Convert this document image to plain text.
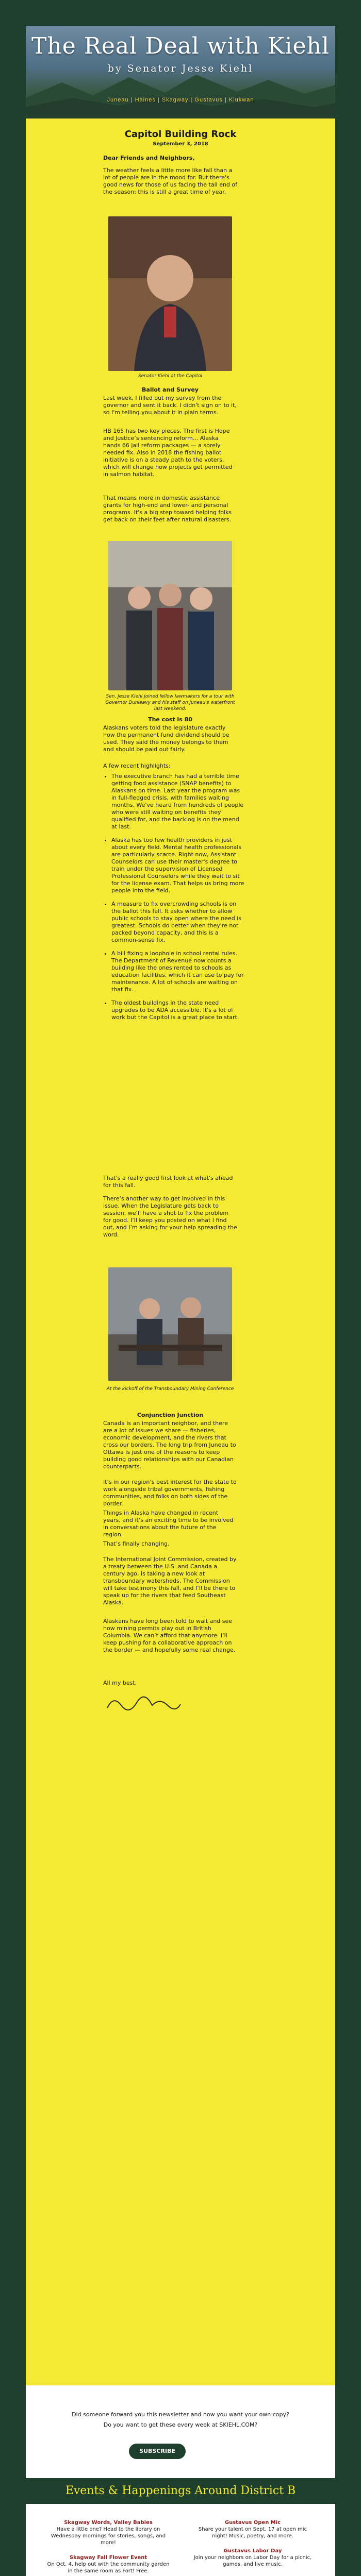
The Real Deal with Kiehl
by Senator Jesse Kiehl
Juneau | Haines | Skagway | Gustavus | Klukwan
Capitol Building Rock
September 3, 2018

Dear Friends and Neighbors,

The weather feels a little more like fall than a lot of people are in the mood for. But there's good news for those of us facing the tail end of the season: this is still a great time of year.

Senator Kiehl at the Capitol

Ballot and Survey

Last week, I filled out my survey from the governor and sent it back. I didn't sign on to it, so I'm telling you about it in plain terms.

HB 165 has two key pieces. The first is Hope and Justice’s sentencing reform... Alaska hands 66 jail reform packages — a sorely needed fix. Also in 2018 the fishing ballot initiative is on a steady path to the voters, which will change how projects get permitted in salmon habitat.

That means more in domestic assistance grants for high-end and lower- and personal programs. It's a big step toward helping folks get back on their feet after natural disasters.

Sen. Jesse Kiehl joined fellow lawmakers for a tour with Governor Dunleavy and his staff on Juneau's waterfront last weekend.

The cost is 80

Alaskans voters told the legislature exactly how the permanent fund dividend should be used. They said the money belongs to them and should be paid out fairly.

A few recent highlights:

• The executive branch has had a terrible time getting food assistance (SNAP benefits) to Alaskans on time. Last year the program was in full-fledged crisis, with families waiting months. We've heard from hundreds of people who were still waiting on benefits they qualified for, and the backlog is on the mend at last.
• Alaska has too few health providers in just about every field. Mental health professionals are particularly scarce. Right now, Assistant Counselors can use their master's degree to train under the supervision of Licensed Professional Counselors while they wait to sit for the license exam. That helps us bring more people into the field.
• A measure to fix overcrowding schools is on the ballot this fall. It asks whether to allow public schools to stay open where the need is greatest. Schools do better when they're not packed beyond capacity, and this is a common-sense fix.
• A bill fixing a loophole in school rental rules. The Department of Revenue now counts a building like the ones rented to schools as education facilities, which it can use to pay for maintenance. A lot of schools are waiting on that fix.
• The oldest buildings in the state need upgrades to be ADA accessible. It's a lot of work but the Capitol is a great place to start.

That's a really good first look at what's ahead for this fall.

There’s another way to get involved in this issue. When the Legislature gets back to session, we’ll have a shot to fix the problem for good. I’ll keep you posted on what I find out, and I’m asking for your help spreading the word.

At the kickoff of the Transboundary Mining Conference

Conjunction Junction

Canada is an important neighbor, and there are a lot of issues we share — fisheries, economic development, and the rivers that cross our borders. The long trip from Juneau to Ottawa is just one of the reasons to keep building good relationships with our Canadian counterparts.

It’s in our region’s best interest for the state to work alongside tribal governments, fishing communities, and folks on both sides of the border.

Things in Alaska have changed in recent years, and it’s an exciting time to be involved in conversations about the future of the region.

That’s finally changing.

The International Joint Commission, created by a treaty between the U.S. and Canada a century ago, is taking a new look at transboundary watersheds. The Commission will take testimony this fall, and I’ll be there to speak up for the rivers that feed Southeast Alaska.

Alaskans have long been told to wait and see how mining permits play out in British Columbia. We can’t afford that anymore. I’ll keep pushing for a collaborative approach on the border — and hopefully some real change.

All my best,

Did someone forward you this newsletter and now you want your own copy?
Do you want to get these every week at SKIEHL.COM?
SUBSCRIBE
Events & Happenings Around District B
Skagway Words, Valley Babies
Have a little one? Head to the library on Wednesday mornings for stories, songs, and more!
Skagway Fall Flower Event
On Oct. 4, help out with the community garden in the same room as Fort! Free.
Gustavus Open Mic
Share your talent on Sept. 17 at open mic night! Music, poetry, and more.
Gustavus Labor Day
Join your neighbors on Labor Day for a picnic, games, and live music.
